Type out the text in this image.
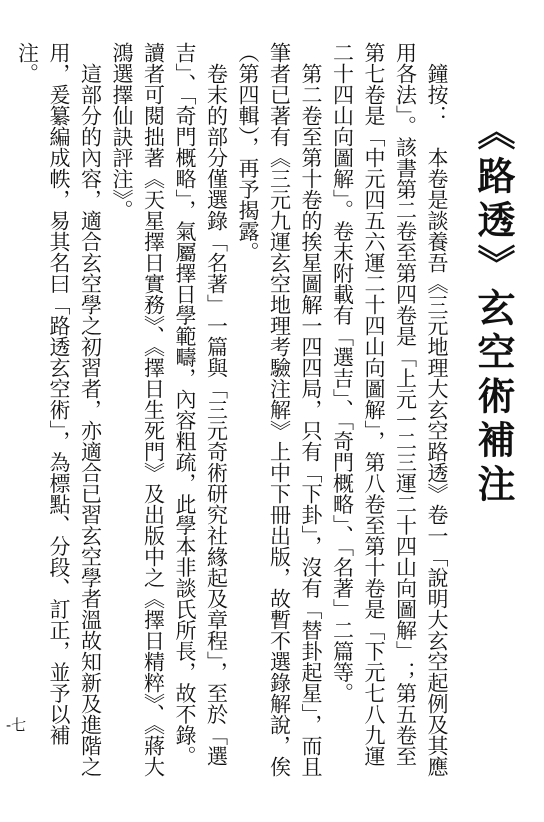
《路透》玄空術補注

鐘按：　本卷是談養吾《三元地理大玄空路透》卷一「說明大玄空起例及其應用各法」。該書第二卷至第四卷是「上元一二三運二十四山向圖解」；第五卷至第七卷是「中元四五六運二十四山向圖解」，第八卷至第十卷是「下元七八九運二十四山向圖解」。卷末附載有「選吉」、「奇門概略」、「名著」二篇等。

第二卷至第十卷的挨星圖解一四四局，只有「下卦」，沒有「替卦起星」，而且筆者已著有《三元九運玄空地理考驗注解》上中下冊出版，故暫不選錄解說，俟（第四輯），再予揭露。

卷末的部分僅選錄「名著」一篇與「三元奇術研究社緣起及章程」，至於「選吉」、「奇門概略」，氣屬擇日學範疇，內容粗疏，此學本非談氏所長，故不錄。讀者可閱拙著《天星擇日實務》、《擇日生死門》及出版中之《擇日精粹》、《蔣大鴻選擇仙訣評注》。

這部分的內容，適合玄空學之初習者，亦適合已習玄空學者溫故知新及進階之用，爰纂編成帙，易其名曰「路透玄空術」，為標點、分段、訂正，並予以補注。

-七
